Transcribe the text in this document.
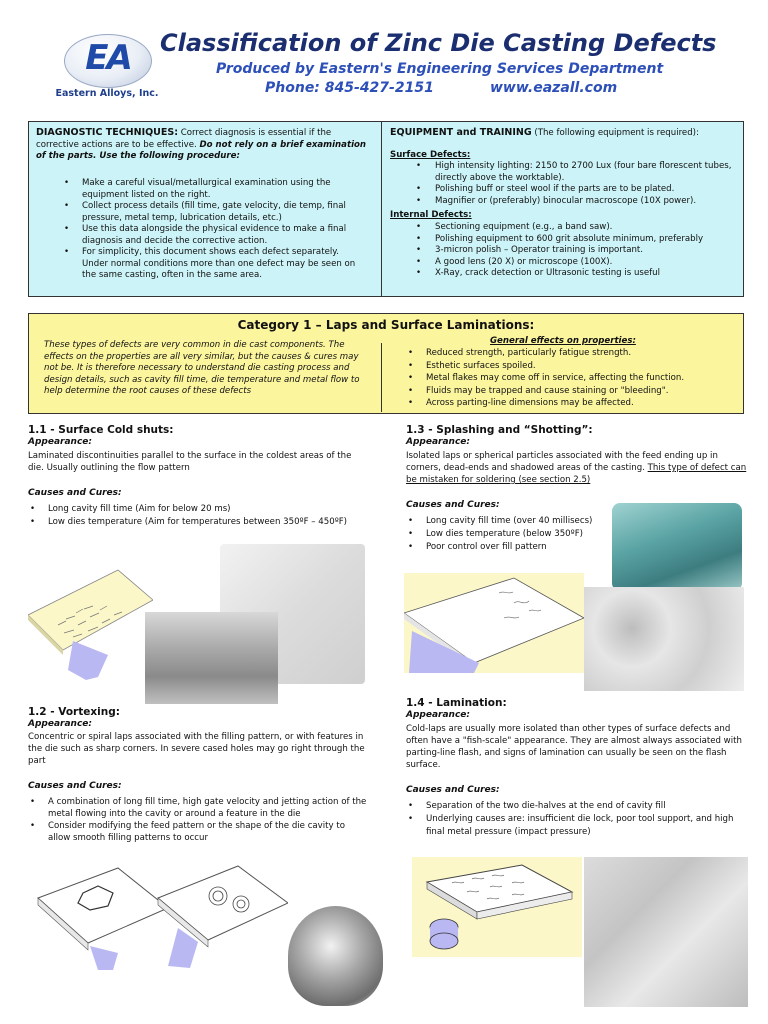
EA
Eastern Alloys, Inc.
Classification of Zinc Die Casting Defects
Produced by Eastern's Engineering Services Department
Phone: 845-427-2151	www.eazall.com
DIAGNOSTIC TECHNIQUES: Correct diagnosis is essential if the corrective actions are to be effective. Do not rely on a brief examination of the parts. Use the following procedure:
• Make a careful visual/metallurgical examination using the equipment listed on the right.
• Collect process details (fill time, gate velocity, die temp, final pressure, metal temp, lubrication details, etc.)
• Use this data alongside the physical evidence to make a final diagnosis and decide the corrective action.
• For simplicity, this document shows each defect separately. Under normal conditions more than one defect may be seen on the same casting, often in the same area.
EQUIPMENT and TRAINING (The following equipment is required):
Surface Defects:
• High intensity lighting: 2150 to 2700 Lux (four bare florescent tubes, directly above the worktable).
• Polishing buff or steel wool if the parts are to be plated.
• Magnifier or (preferably) binocular macroscope (10X power).
Internal Defects:
• Sectioning equipment (e.g., a band saw).
• Polishing equipment to 600 grit absolute minimum, preferably
• 3-micron polish – Operator training is important.
• A good lens (20 X) or microscope (100X).
• X-Ray, crack detection or Ultrasonic testing is useful
Category 1 – Laps and Surface Laminations:
These types of defects are very common in die cast components. The effects on the properties are all very similar, but the causes & cures may not be. It is therefore necessary to understand die casting process and design details, such as cavity fill time, die temperature and metal flow to help determine the root causes of these defects
General effects on properties:
• Reduced strength, particularly fatigue strength.
• Esthetic surfaces spoiled.
• Metal flakes may come off in service, affecting the function.
• Fluids may be trapped and cause staining or "bleeding".
• Across parting-line dimensions may be affected.
1.1 - Surface Cold shuts:
Appearance:
Laminated discontinuities parallel to the surface in the coldest areas of the die. Usually outlining the flow pattern
Causes and Cures:
• Long cavity fill time (Aim for below 20 ms)
• Low dies temperature (Aim for temperatures between 350ºF – 450ºF)
1.2 - Vortexing:
Appearance:
Concentric or spiral laps associated with the filling pattern, or with features in the die such as sharp corners. In severe cased holes may go right through the part
Causes and Cures:
• A combination of long fill time, high gate velocity and jetting action of the metal flowing into the cavity or around a feature in the die
• Consider modifying the feed pattern or the shape of the die cavity to allow smooth filling patterns to occur
1.3 - Splashing and “Shotting”:
Appearance:
Isolated laps or spherical particles associated with the feed ending up in corners, dead-ends and shadowed areas of the casting. This type of defect can be mistaken for soldering (see section 2.5)
Causes and Cures:
• Long cavity fill time (over 40 millisecs)
• Low dies temperature (below 350ºF)
• Poor control over fill pattern
1.4 - Lamination:
Appearance:
Cold-laps are usually more isolated than other types of surface defects and often have a "fish-scale" appearance. They are almost always associated with parting-line flash, and signs of lamination can usually be seen on the flash surface.
Causes and Cures:
• Separation of the two die-halves at the end of cavity fill
• Underlying causes are: insufficient die lock, poor tool support, and high final metal pressure (impact pressure)
